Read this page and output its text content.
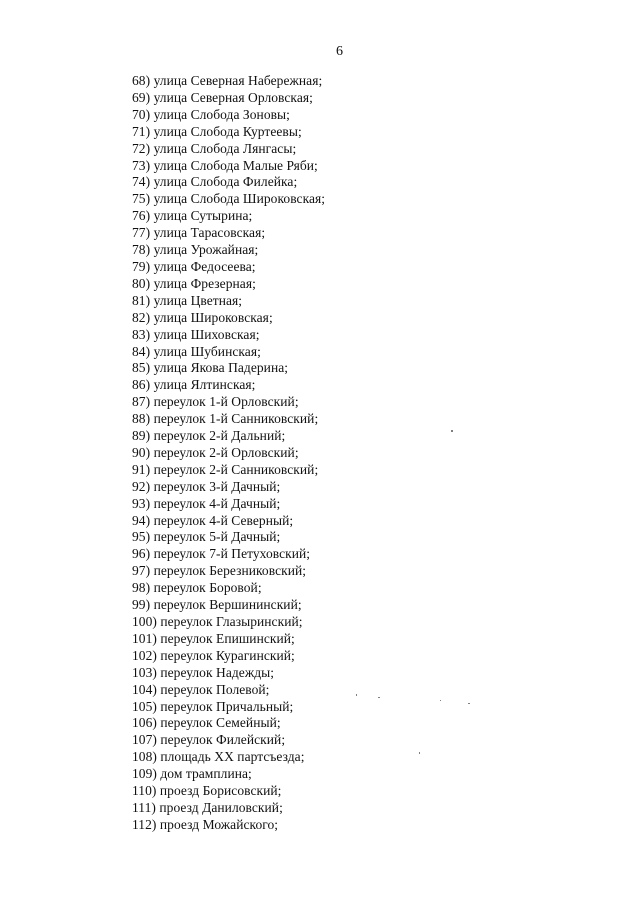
6
68) улица Северная Набережная;
69) улица Северная Орловская;
70) улица Слобода Зоновы;
71) улица Слобода Куртеевы;
72) улица Слобода Лянгасы;
73) улица Слобода Малые Ряби;
74) улица Слобода Филейка;
75) улица Слобода Широковская;
76) улица Сутырина;
77) улица Тарасовская;
78) улица Урожайная;
79) улица Федосеева;
80) улица Фрезерная;
81) улица Цветная;
82) улица Широковская;
83) улица Шиховская;
84) улица Шубинская;
85) улица Якова Падерина;
86) улица Ялтинская;
87) переулок 1-й Орловский;
88) переулок 1-й Санниковский;
89) переулок 2-й Дальний;
90) переулок 2-й Орловский;
91) переулок 2-й Санниковский;
92) переулок 3-й Дачный;
93) переулок 4-й Дачный;
94) переулок 4-й Северный;
95) переулок 5-й Дачный;
96) переулок 7-й Петуховский;
97) переулок Березниковский;
98) переулок Боровой;
99) переулок Вершининский;
100) переулок Глазыринский;
101) переулок Епишинский;
102) переулок Курагинский;
103) переулок Надежды;
104) переулок Полевой;
105) переулок Причальный;
106) переулок Семейный;
107) переулок Филейский;
108) площадь ХХ партсъезда;
109) дом трамплина;
110) проезд Борисовский;
111) проезд Даниловский;
112) проезд Можайского;
